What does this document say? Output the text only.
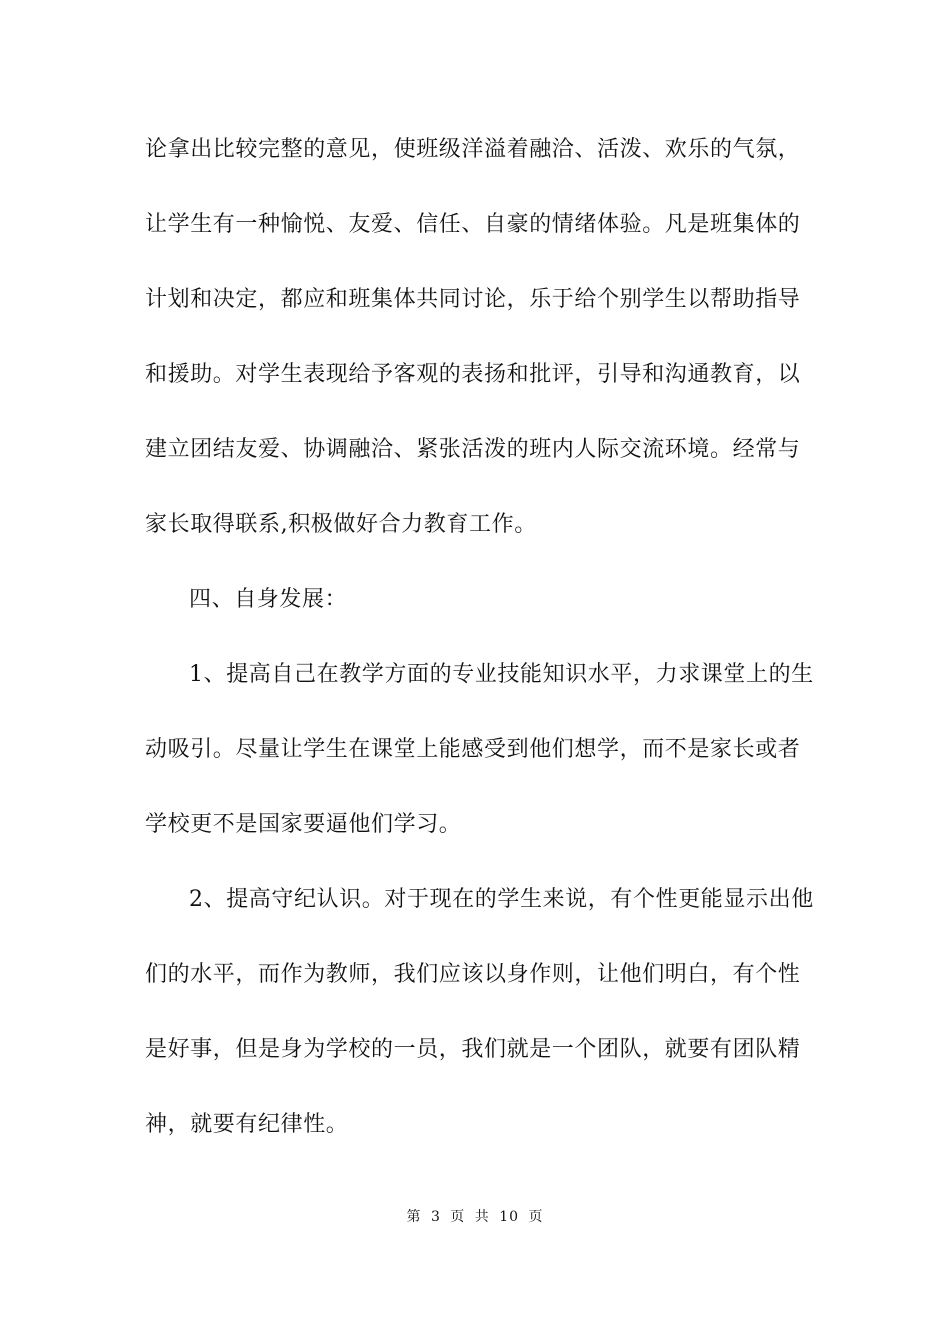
论拿出比较完整的意见，使班级洋溢着融洽、活泼、欢乐的气氛，
让学生有一种愉悦、友爱、信任、自豪的情绪体验。凡是班集体的
计划和决定，都应和班集体共同讨论，乐于给个别学生以帮助指导
和援助。对学生表现给予客观的表扬和批评，引导和沟通教育，以
建立团结友爱、协调融洽、紧张活泼的班内人际交流环境。经常与
家长取得联系,积极做好合力教育工作。
四、自身发展：
1、提高自己在教学方面的专业技能知识水平，力求课堂上的生
动吸引。尽量让学生在课堂上能感受到他们想学，而不是家长或者
学校更不是国家要逼他们学习。
2、提高守纪认识。对于现在的学生来说，有个性更能显示出他
们的水平，而作为教师，我们应该以身作则，让他们明白，有个性
是好事，但是身为学校的一员，我们就是一个团队，就要有团队精
神，就要有纪律性。
第 3 页 共 10 页
